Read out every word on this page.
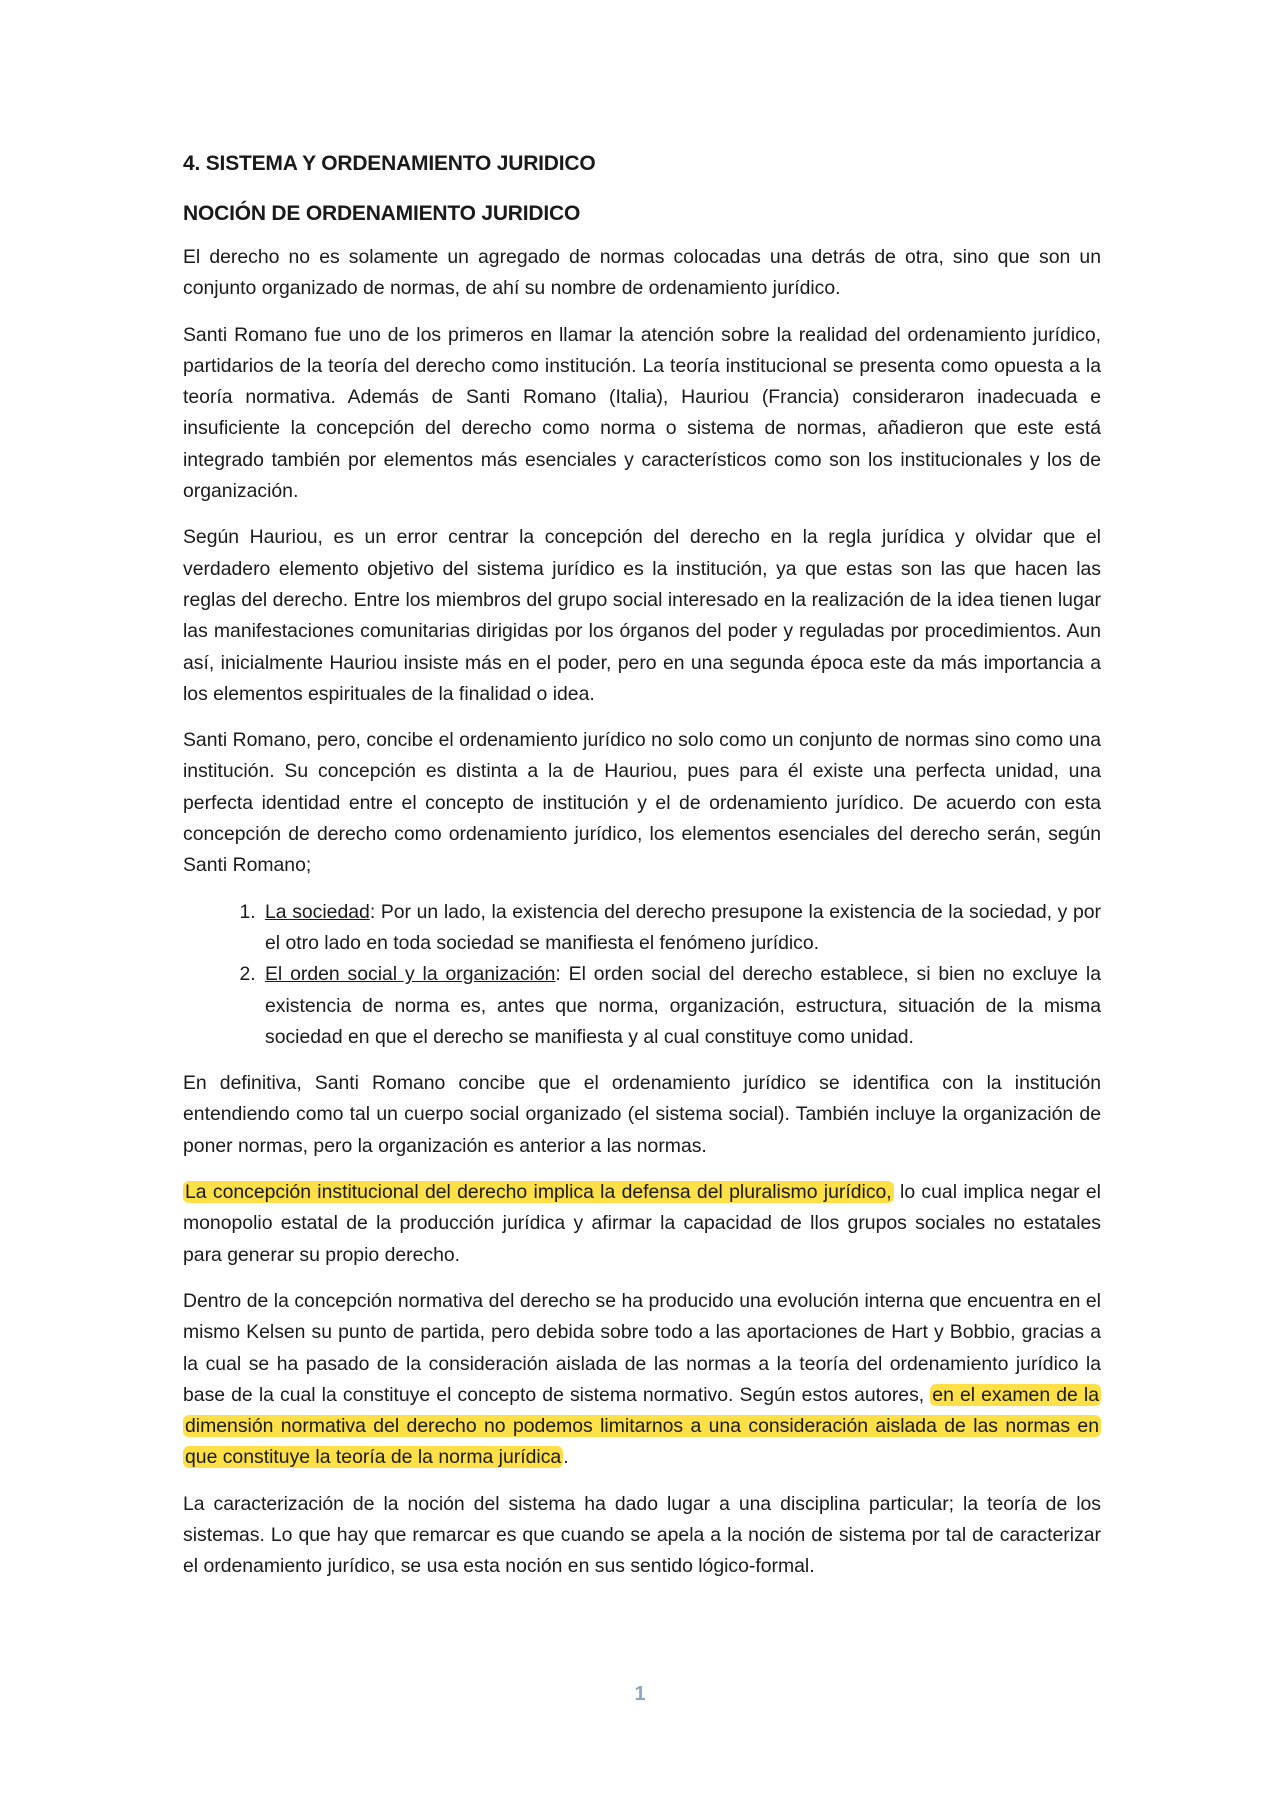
4. SISTEMA Y ORDENAMIENTO JURIDICO
NOCIÓN DE ORDENAMIENTO JURIDICO

El derecho no es solamente un agregado de normas colocadas una detrás de otra, sino que son un conjunto organizado de normas, de ahí su nombre de ordenamiento jurídico.

Santi Romano fue uno de los primeros en llamar la atención sobre la realidad del ordenamiento jurídico, partidarios de la teoría del derecho como institución. La teoría institucional se presenta como opuesta a la teoría normativa. Además de Santi Romano (Italia), Hauriou (Francia) consideraron inadecuada e insuficiente la concepción del derecho como norma o sistema de normas, añadieron que este está integrado también por elementos más esenciales y característicos como son los institucionales y los de organización.

Según Hauriou, es un error centrar la concepción del derecho en la regla jurídica y olvidar que el verdadero elemento objetivo del sistema jurídico es la institución, ya que estas son las que hacen las reglas del derecho. Entre los miembros del grupo social interesado en la realización de la idea tienen lugar las manifestaciones comunitarias dirigidas por los órganos del poder y reguladas por procedimientos. Aun así, inicialmente Hauriou insiste más en el poder, pero en una segunda época este da más importancia a los elementos espirituales de la finalidad o idea.

Santi Romano, pero, concibe el ordenamiento jurídico no solo como un conjunto de normas sino como una institución. Su concepción es distinta a la de Hauriou, pues para él existe una perfecta unidad, una perfecta identidad entre el concepto de institución y el de ordenamiento jurídico. De acuerdo con esta concepción de derecho como ordenamiento jurídico, los elementos esenciales del derecho serán, según Santi Romano;

1. La sociedad: Por un lado, la existencia del derecho presupone la existencia de la sociedad, y por el otro lado en toda sociedad se manifiesta el fenómeno jurídico.
2. El orden social y la organización: El orden social del derecho establece, si bien no excluye la existencia de norma es, antes que norma, organización, estructura, situación de la misma sociedad en que el derecho se manifiesta y al cual constituye como unidad.

En definitiva, Santi Romano concibe que el ordenamiento jurídico se identifica con la institución entendiendo como tal un cuerpo social organizado (el sistema social). También incluye la organización de poner normas, pero la organización es anterior a las normas.

La concepción institucional del derecho implica la defensa del pluralismo jurídico, lo cual implica negar el monopolio estatal de la producción jurídica y afirmar la capacidad de llos grupos sociales no estatales para generar su propio derecho.

Dentro de la concepción normativa del derecho se ha producido una evolución interna que encuentra en el mismo Kelsen su punto de partida, pero debida sobre todo a las aportaciones de Hart y Bobbio, gracias a la cual se ha pasado de la consideración aislada de las normas a la teoría del ordenamiento jurídico la base de la cual la constituye el concepto de sistema normativo. Según estos autores, en el examen de la dimensión normativa del derecho no podemos limitarnos a una consideración aislada de las normas en que constituye la teoría de la norma jurídica .

La caracterización de la noción del sistema ha dado lugar a una disciplina particular; la teoría de los sistemas. Lo que hay que remarcar es que cuando se apela a la noción de sistema por tal de caracterizar el ordenamiento jurídico, se usa esta noción en sus sentido lógico-formal.

1
